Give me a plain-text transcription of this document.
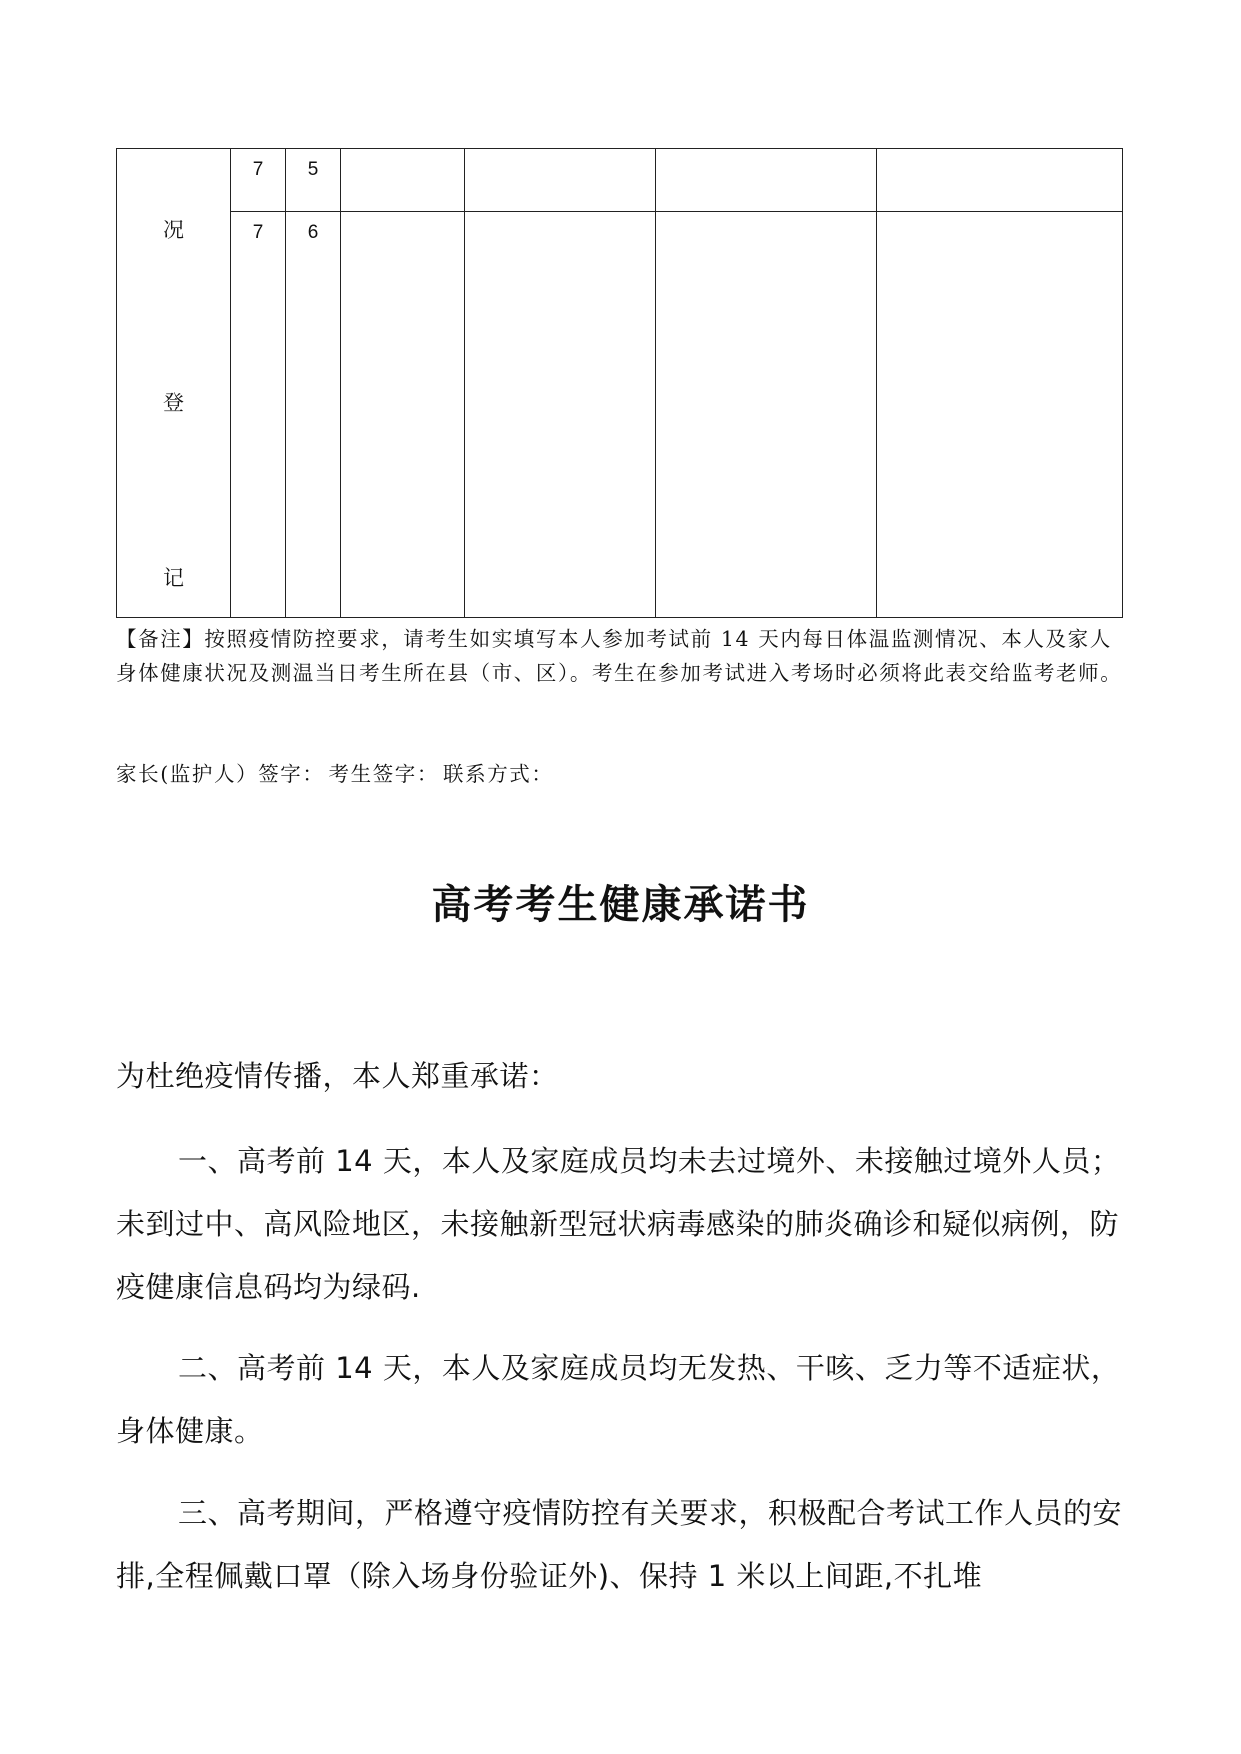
况
登
记	7	5				

	7	6				

【备注】按照疫情防控要求，请考生如实填写本人参加考试前 14 天内每日体温监测情况、本人及家人身体健康状况及测温当日考生所在县（市、区）。考生在参加考试进入考场时必须将此表交给监考老师。

家长(监护人）签字： 考生签字： 联系方式：

高考考生健康承诺书

为杜绝疫情传播，本人郑重承诺：

一、高考前 14 天，本人及家庭成员均未去过境外、未接触过境外人员；未到过中、高风险地区，未接触新型冠状病毒感染的肺炎确诊和疑似病例，防疫健康信息码均为绿码.

二、高考前 14 天，本人及家庭成员均无发热、干咳、乏力等不适症状，身体健康。

三、高考期间，严格遵守疫情防控有关要求，积极配合考试工作人员的安排,全程佩戴口罩（除入场身份验证外)、保持 1 米以上间距,不扎堆
